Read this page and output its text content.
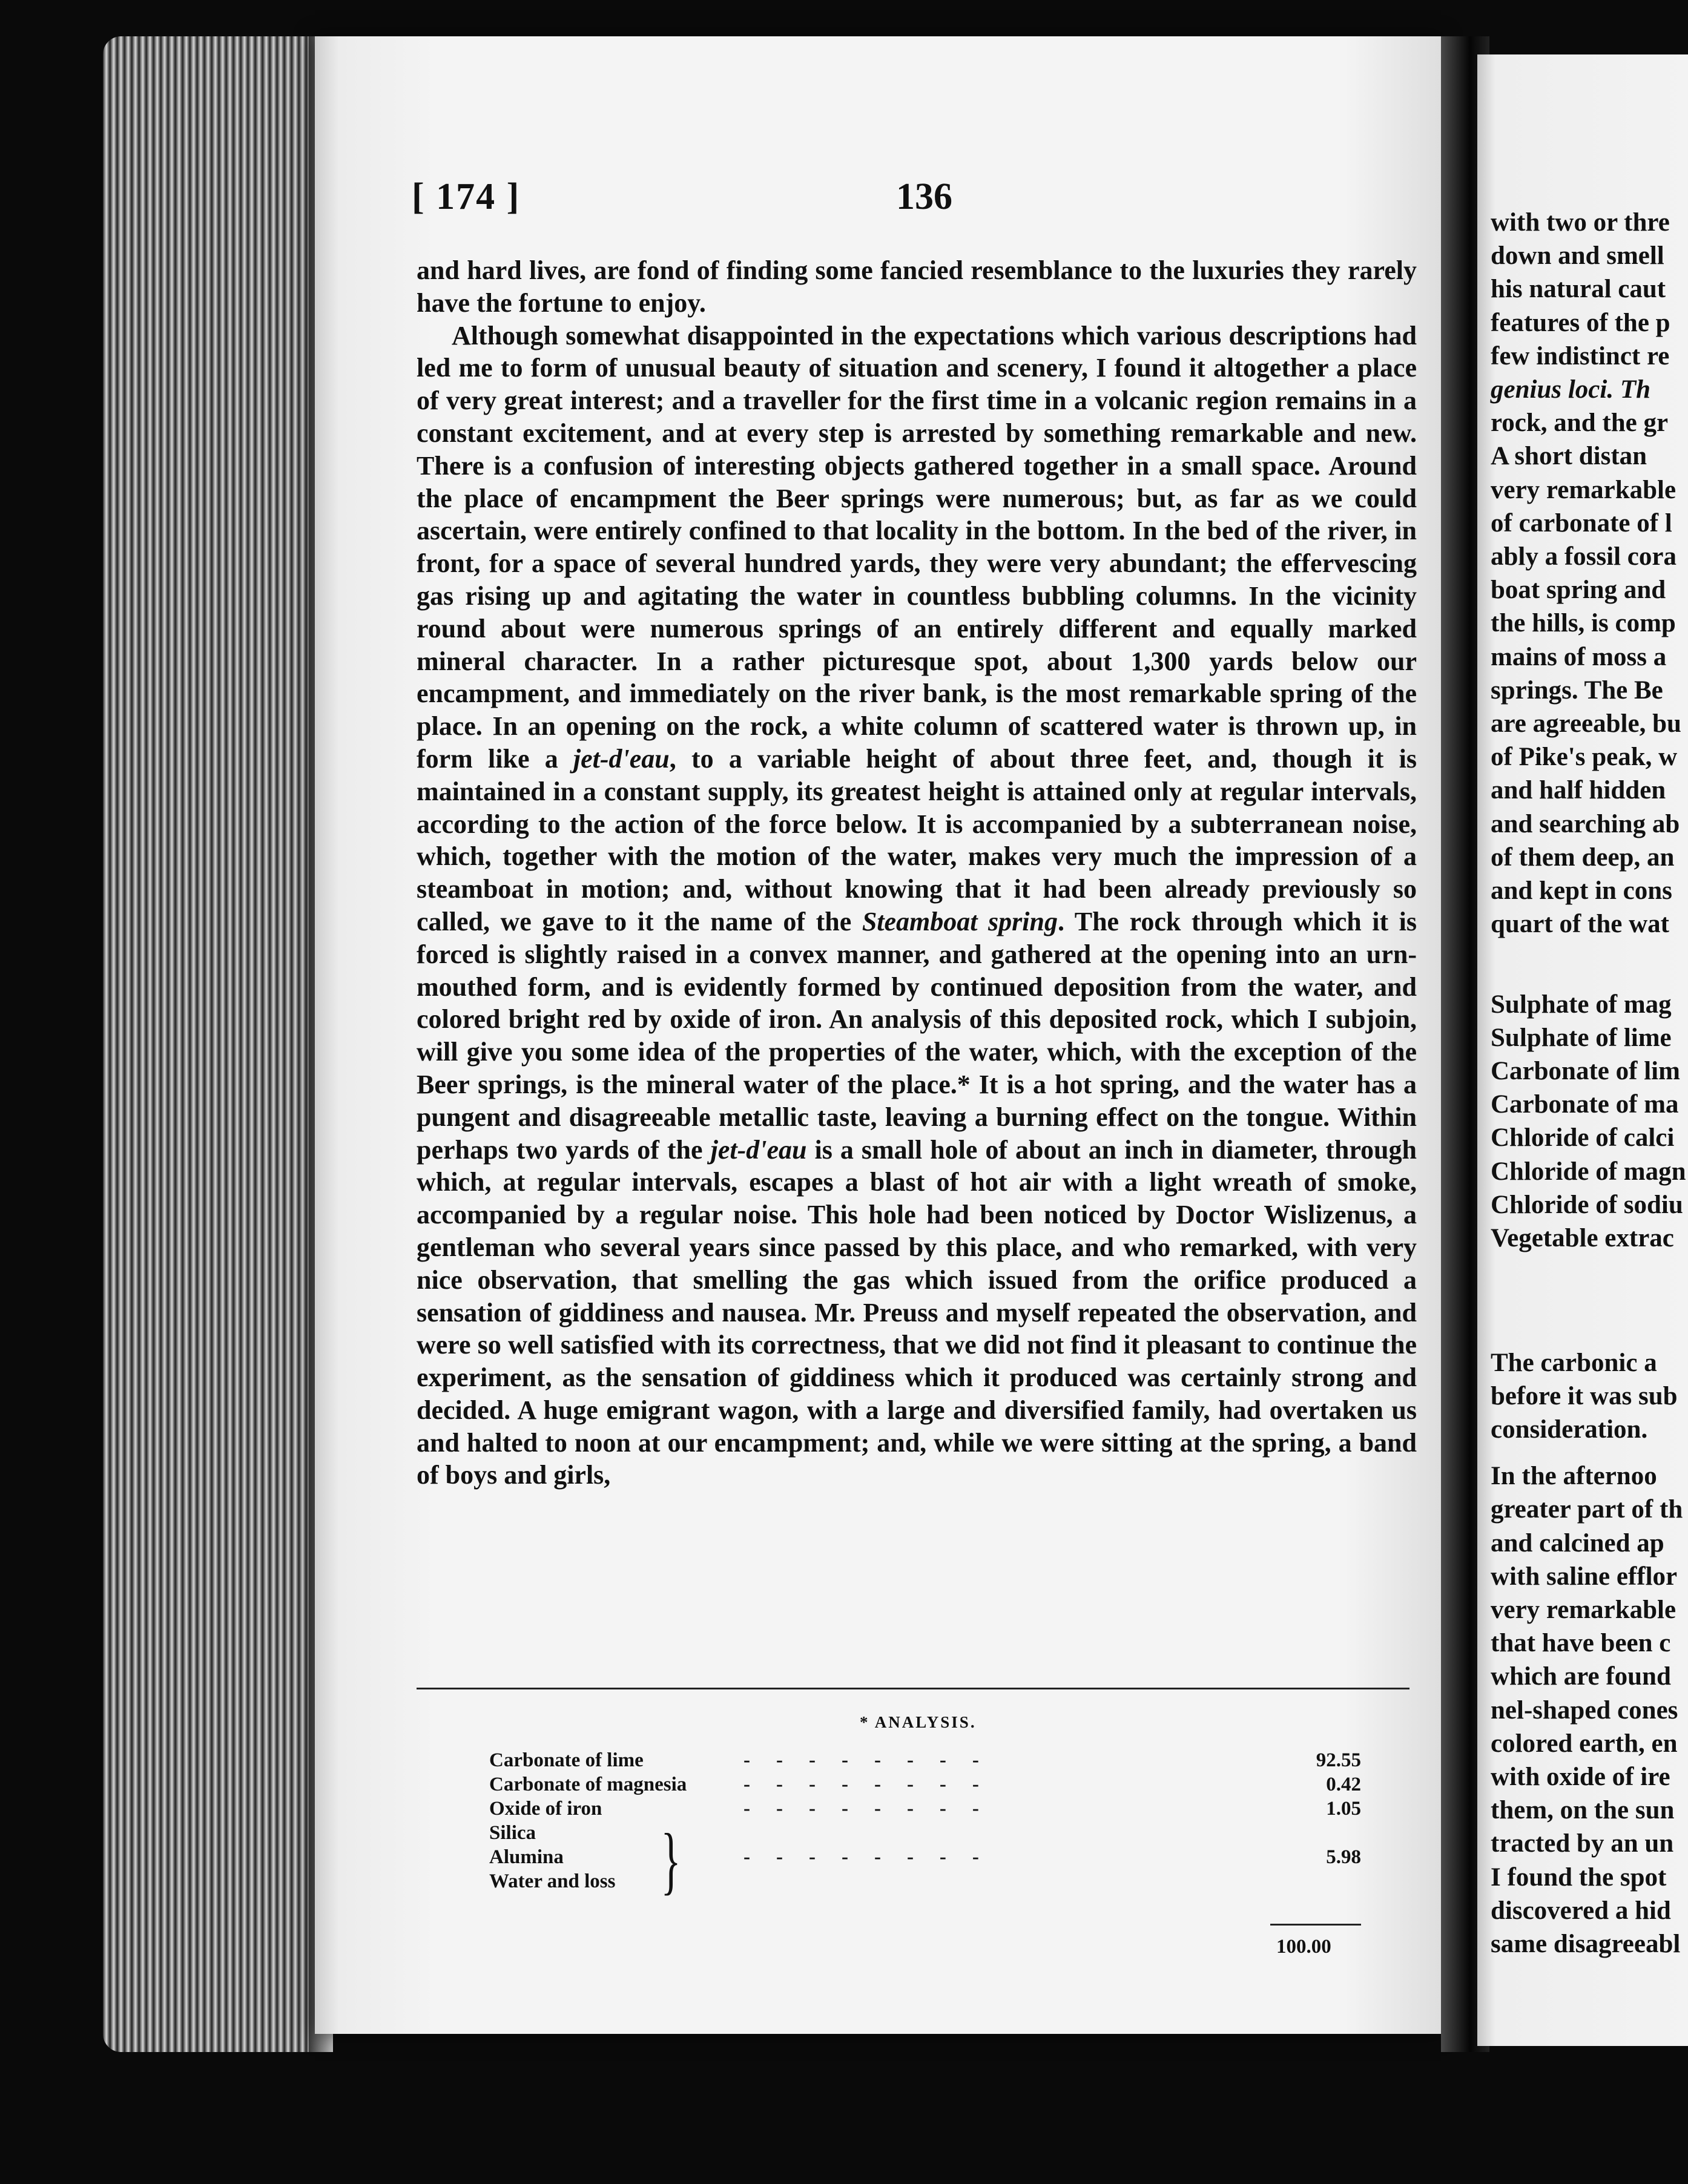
[ 174 ]	136

and hard lives, are fond of finding some fancied resemblance to the luxuries they rarely have the fortune to enjoy.

Although somewhat disappointed in the expectations which various descriptions had led me to form of unusual beauty of situation and scenery, I found it altogether a place of very great interest; and a traveller for the first time in a volcanic region remains in a constant excitement, and at every step is arrested by something remarkable and new. There is a confusion of interesting objects gathered together in a small space. Around the place of encampment the Beer springs were numerous; but, as far as we could ascertain, were entirely confined to that locality in the bottom. In the bed of the river, in front, for a space of several hundred yards, they were very abundant; the effervescing gas rising up and agitating the water in countless bubbling columns. In the vicinity round about were numerous springs of an entirely different and equally marked mineral character. In a rather picturesque spot, about 1,300 yards below our encampment, and immediately on the river bank, is the most remarkable spring of the place. In an opening on the rock, a white column of scattered water is thrown up, in form like a jet-d'eau, to a variable height of about three feet, and, though it is maintained in a constant supply, its greatest height is attained only at regular intervals, according to the action of the force below. It is accompanied by a subterranean noise, which, together with the motion of the water, makes very much the impression of a steamboat in motion; and, without knowing that it had been already previously so called, we gave to it the name of the Steamboat spring. The rock through which it is forced is slightly raised in a convex manner, and gathered at the opening into an urn-mouthed form, and is evidently formed by continued deposition from the water, and colored bright red by oxide of iron. An analysis of this deposited rock, which I subjoin, will give you some idea of the properties of the water, which, with the exception of the Beer springs, is the mineral water of the place.* It is a hot spring, and the water has a pungent and disagreeable metallic taste, leaving a burning effect on the tongue. Within perhaps two yards of the jet-d'eau is a small hole of about an inch in diameter, through which, at regular intervals, escapes a blast of hot air with a light wreath of smoke, accompanied by a regular noise. This hole had been noticed by Doctor Wislizenus, a gentleman who several years since passed by this place, and who remarked, with very nice observation, that smelling the gas which issued from the orifice produced a sensation of giddiness and nausea. Mr. Preuss and myself repeated the observation, and were so well satisfied with its correctness, that we did not find it pleasant to continue the experiment, as the sensation of giddiness which it produced was certainly strong and decided. A huge emigrant wagon, with a large and diversified family, had overtaken us and halted to noon at our encampment; and, while we were sitting at the spring, a band of boys and girls,

* ANALYSIS.
Carbonate of lime	-    -    -    -    -    -    -    -	92.55
Carbonate of magnesia	-    -    -    -    -    -    -    -	0.42
Oxide of iron	-    -    -    -    -    -    -    -	1.05
Silica
Alumina	-    -    -    -    -    -    -    -	5.98
Water and loss }
100.00
with two or thre
down and smell
his natural caut
features of the p
few indistinct re
genius loci. Th
rock, and the gr
A short distan
very remarkable
of carbonate of l
ably a fossil cora
boat spring and
the hills, is comp
mains of moss a
springs. The Be
are agreeable, bu
of Pike's peak, w
and half hidden
and searching ab
of them deep, an
and kept in cons
quart of the wat
Sulphate of mag
Sulphate of lime
Carbonate of lim
Carbonate of ma
Chloride of calci
Chloride of magn
Chloride of sodiu
Vegetable extrac
The carbonic a
before it was sub
consideration.
In the afternoo
greater part of th
and calcined ap
with saline efflor
very remarkable
that have been c
which are found
nel-shaped cones
colored earth, en
with oxide of ire
them, on the sun
tracted by an un
I found the spot
discovered a hid
same disagreeabl
